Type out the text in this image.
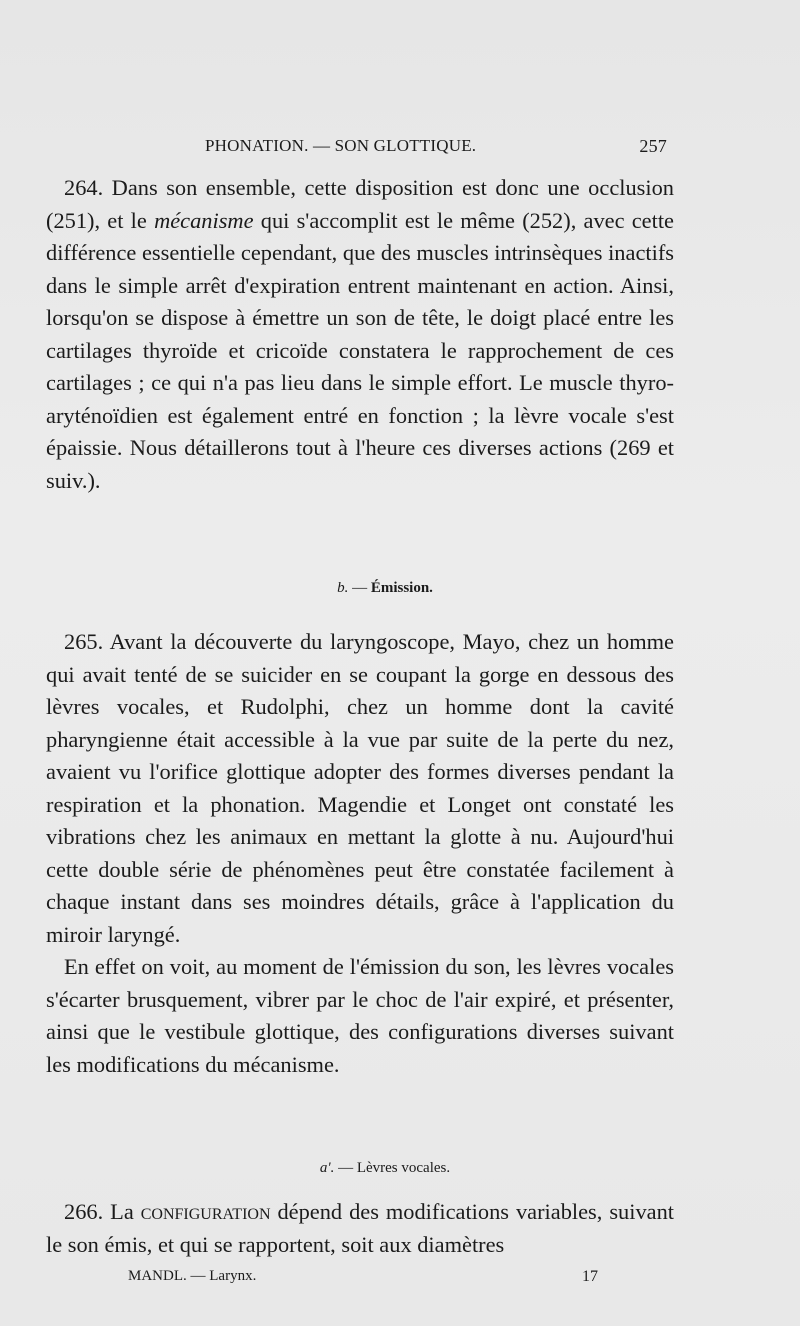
PHONATION. — SON GLOTTIQUE.	257

264. Dans son ensemble, cette disposition est donc une occlusion (251), et le mécanisme qui s'accomplit est le même (252), avec cette différence essentielle cependant, que des muscles intrinsèques inactifs dans le simple arrêt d'expiration entrent maintenant en action. Ainsi, lorsqu'on se dispose à émettre un son de tête, le doigt placé entre les cartilages thyroïde et cricoïde constatera le rapprochement de ces cartilages ; ce qui n'a pas lieu dans le simple effort. Le muscle thyro-aryténoïdien est également entré en fonction ; la lèvre vocale s'est épaissie. Nous détaillerons tout à l'heure ces diverses actions (269 et suiv.).

b. — Émission.

265. Avant la découverte du laryngoscope, Mayo, chez un homme qui avait tenté de se suicider en se coupant la gorge en dessous des lèvres vocales, et Rudolphi, chez un homme dont la cavité pharyngienne était accessible à la vue par suite de la perte du nez, avaient vu l'orifice glottique adopter des formes diverses pendant la respiration et la phonation. Magendie et Longet ont constaté les vibrations chez les animaux en mettant la glotte à nu. Aujourd'hui cette double série de phénomènes peut être constatée facilement à chaque instant dans ses moindres détails, grâce à l'application du miroir laryngé.

En effet on voit, au moment de l'émission du son, les lèvres vocales s'écarter brusquement, vibrer par le choc de l'air expiré, et présenter, ainsi que le vestibule glottique, des configurations diverses suivant les modifications du mécanisme.

a'. — Lèvres vocales.

266. La configuration dépend des modifications variables, suivant le son émis, et qui se rapportent, soit aux diamètres

MANDL. — Larynx.	17
